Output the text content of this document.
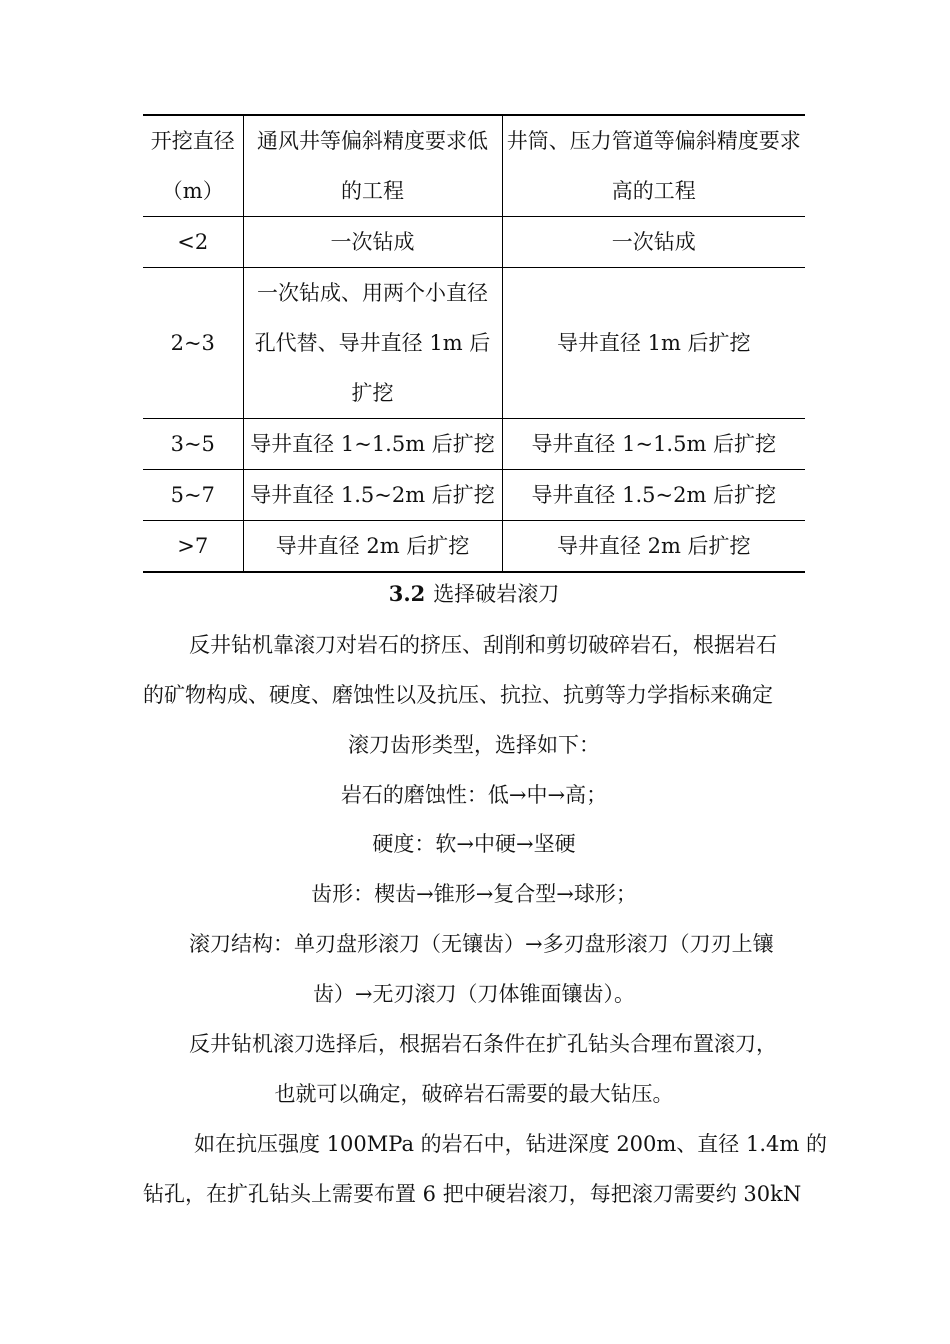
开挖直径（m）	通风井等偏斜精度要求低的工程	井筒、压力管道等偏斜精度要求高的工程
<2	一次钻成	一次钻成
2~3	一次钻成、用两个小直径孔代替、导井直径 1m 后扩挖	导井直径 1m 后扩挖
3~5	导井直径 1~1.5m 后扩挖	导井直径 1~1.5m 后扩挖
5~7	导井直径 1.5~2m 后扩挖	导井直径 1.5~2m 后扩挖
>7	导井直径 2m 后扩挖	导井直径 2m 后扩挖
3.2 选择破岩滚刀
反井钻机靠滚刀对岩石的挤压、刮削和剪切破碎岩石，根据岩石
的矿物构成、硬度、磨蚀性以及抗压、抗拉、抗剪等力学指标来确定
滚刀齿形类型，选择如下：
岩石的磨蚀性：低→中→高；
硬度：软→中硬→坚硬
齿形：楔齿→锥形→复合型→球形；
滚刀结构：单刃盘形滚刀（无镶齿）→多刃盘形滚刀（刀刃上镶
齿）→无刃滚刀（刀体锥面镶齿）。
反井钻机滚刀选择后，根据岩石条件在扩孔钻头合理布置滚刀，
也就可以确定，破碎岩石需要的最大钻压。
如在抗压强度 100MPa 的岩石中，钻进深度 200m、直径 1.4m 的
钻孔，在扩孔钻头上需要布置 6 把中硬岩滚刀，每把滚刀需要约 30kN
